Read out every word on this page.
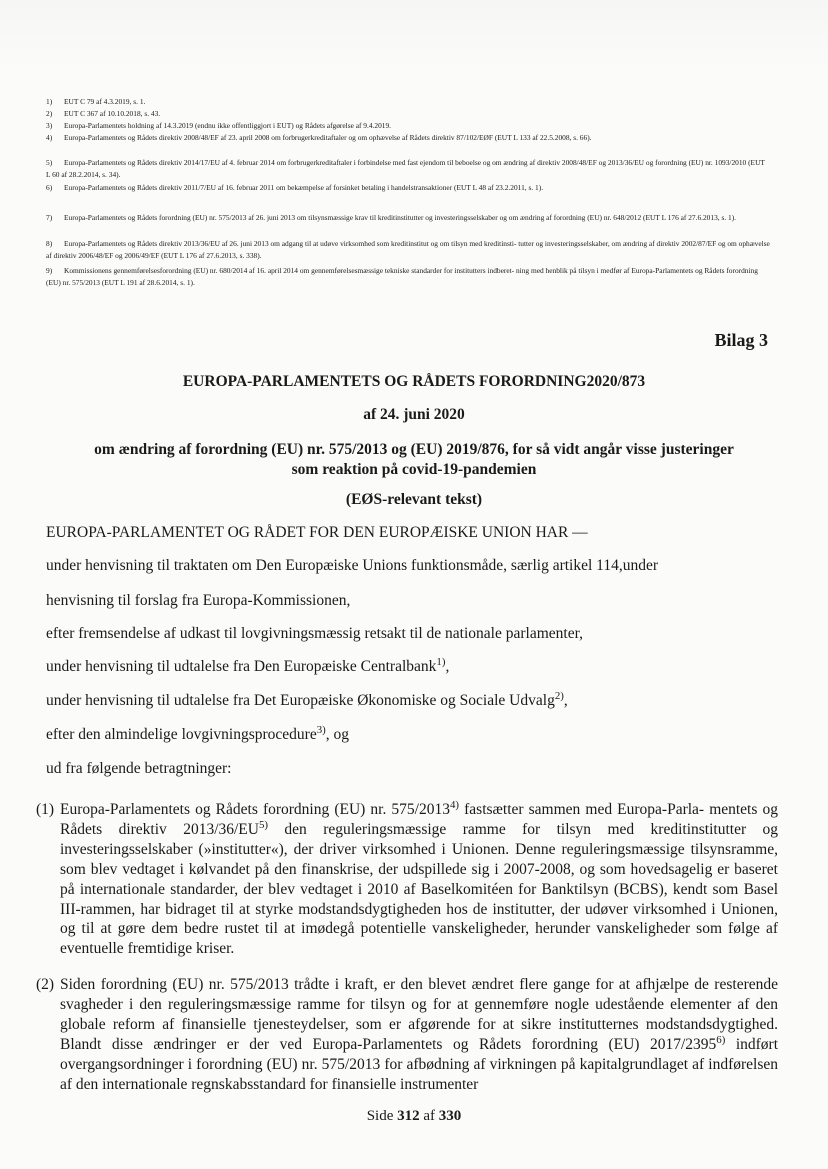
1) EUT C 79 af 4.3.2019, s. 1.
2) EUT C 367 af 10.10.2018, s. 43.
3) Europa-Parlamentets holdning af 14.3.2019 (endnu ikke offentliggjort i EUT) og Rådets afgørelse af 9.4.2019.
4) Europa-Parlamentets og Rådets direktiv 2008/48/EF af 23. april 2008 om forbrugerkreditaftaler og om ophævelse af Rådets direktiv 87/102/EØF (EUT L 133 af 22.5.2008, s. 66).
5) Europa-Parlamentets og Rådets direktiv 2014/17/EU af 4. februar 2014 om forbrugerkreditaftaler i forbindelse med fast ejendom til beboelse og om ændring af direktiv 2008/48/EF og 2013/36/EU og forordning (EU) nr. 1093/2010 (EUT L 60 af 28.2.2014, s. 34).
6) Europa-Parlamentets og Rådets direktiv 2011/7/EU af 16. februar 2011 om bekæmpelse af forsinket betaling i handelstransaktioner (EUT L 48 af 23.2.2011, s. 1).
7) Europa-Parlamentets og Rådets forordning (EU) nr. 575/2013 af 26. juni 2013 om tilsynsmæssige krav til kreditinstitutter og investeringsselskaber og om ændring af forordning (EU) nr. 648/2012 (EUT L 176 af 27.6.2013, s. 1).
8) Europa-Parlamentets og Rådets direktiv 2013/36/EU af 26. juni 2013 om adgang til at udøve virksomhed som kreditinstitut og om tilsyn med kreditinsti- tutter og investeringsselskaber, om ændring af direktiv 2002/87/EF og om ophævelse af direktiv 2006/48/EF og 2006/49/EF (EUT L 176 af 27.6.2013, s. 338).
9) Kommissionens gennemførelsesforordning (EU) nr. 680/2014 af 16. april 2014 om gennemførelsesmæssige tekniske standarder for institutters indberet- ning med henblik på tilsyn i medfør af Europa-Parlamentets og Rådets forordning (EU) nr. 575/2013 (EUT L 191 af 28.6.2014, s. 1).
Bilag 3
EUROPA-PARLAMENTETS OG RÅDETS FORORDNING2020/873
af 24. juni 2020
om ændring af forordning (EU) nr. 575/2013 og (EU) 2019/876, for så vidt angår visse justeringer
som reaktion på covid-19-pandemien
(EØS-relevant tekst)
EUROPA-PARLAMENTET OG RÅDET FOR DEN EUROPÆISKE UNION HAR —
under henvisning til traktaten om Den Europæiske Unions funktionsmåde, særlig artikel 114,under
henvisning til forslag fra Europa-Kommissionen,
efter fremsendelse af udkast til lovgivningsmæssig retsakt til de nationale parlamenter,
under henvisning til udtalelse fra Den Europæiske Centralbank$^{1)}$,
under henvisning til udtalelse fra Det Europæiske Økonomiske og Sociale Udvalg$^{2)}$,
efter den almindelige lovgivningsprocedure$^{3)}$, og
ud fra følgende betragtninger:
(1) Europa-Parlamentets og Rådets forordning (EU) nr. 575/2013$^{4)}$ fastsætter sammen med Europa-Parla- mentets og Rådets direktiv 2013/36/EU$^{5)}$ den reguleringsmæssige ramme for tilsyn med kreditinstitutter og investeringsselskaber (»institutter«), der driver virksomhed i Unionen. Denne reguleringsmæssige tilsynsramme, som blev vedtaget i kølvandet på den finanskrise, der udspillede sig i 2007-2008, og som hovedsagelig er baseret på internationale standarder, der blev vedtaget i 2010 af Baselkomitéen for Banktilsyn (BCBS), kendt som Basel III-rammen, har bidraget til at styrke modstandsdygtigheden hos de institutter, der udøver virksomhed i Unionen, og til at gøre dem bedre rustet til at imødegå potentielle vanskeligheder, herunder vanskeligheder som følge af eventuelle fremtidige kriser.
(2) Siden forordning (EU) nr. 575/2013 trådte i kraft, er den blevet ændret flere gange for at afhjælpe de resterende svagheder i den reguleringsmæssige ramme for tilsyn og for at gennemføre nogle udestående elementer af den globale reform af finansielle tjenesteydelser, som er afgørende for at sikre institutternes modstandsdygtighed. Blandt disse ændringer er der ved Europa-Parlamentets og Rådets forordning (EU) 2017/2395$^{6)}$ indført overgangsordninger i forordning (EU) nr. 575/2013 for afbødning af virkningen på kapitalgrundlaget af indførelsen af den internationale regnskabsstandard for finansielle instrumenter
Side 312 af 330
